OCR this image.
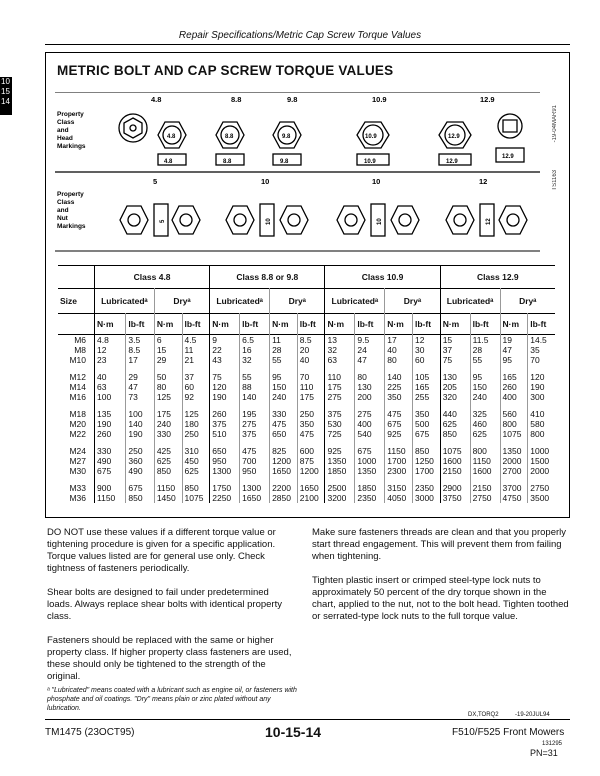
Repair Specifications/Metric Cap Screw Torque Values
10
15
14
METRIC BOLT AND CAP SCREW TORQUE VALUES
Property Class and Head Markings
Property Class and Nut Markings
4.8	8.8	9.8	10.9	12.9
4.8
4.8
8.8
8.8
9.8
9.8
10.9
10.9
12.9
12.9
12.9
5	10	10	12
5	10	10	12
TS1163
-19-04MAR91
	Class 4.8				Class 8.8 or 9.8				Class 10.9				Class 12.9			
Size	Lubricatedᵃ		Dryᵃ		Lubricatedᵃ		Dryᵃ		Lubricatedᵃ		Dryᵃ		Lubricatedᵃ		Dryᵃ	
	N·m	lb-ft	N·m	lb-ft	N·m	lb-ft	N·m	lb-ft	N·m	lb-ft	N·m	lb-ft	N·m	lb-ft	N·m	lb-ft
M6	4.8	3.5	6	4.5	9	6.5	11	8.5	13	9.5	17	12	15	11.5	19	14.5
M8	12	8.5	15	11	22	16	28	20	32	24	40	30	37	28	47	35
M10	23	17	29	21	43	32	55	40	63	47	80	60	75	55	95	70
M12	40	29	50	37	75	55	95	70	110	80	140	105	130	95	165	120
M14	63	47	80	60	120	88	150	110	175	130	225	165	205	150	260	190
M16	100	73	125	92	190	140	240	175	275	200	350	255	320	240	400	300
M18	135	100	175	125	260	195	330	250	375	275	475	350	440	325	560	410
M20	190	140	240	180	375	275	475	350	530	400	675	500	625	460	800	580
M22	260	190	330	250	510	375	650	475	725	540	925	675	850	625	1075	800
M24	330	250	425	310	650	475	825	600	925	675	1150	850	1075	800	1350	1000
M27	490	360	625	450	950	700	1200	875	1350	1000	1700	1250	1600	1150	2000	1500
M30	675	490	850	625	1300	950	1650	1200	1850	1350	2300	1700	2150	1600	2700	2000
M33	900	675	1150	850	1750	1300	2200	1650	2500	1850	3150	2350	2900	2150	3700	2750
M36	1150	850	1450	1075	2250	1650	2850	2100	3200	2350	4050	3000	3750	2750	4750	3500
DO NOT use these values if a different torque value or tightening procedure is given for a specific application. Torque values listed are for general use only. Check tightness of fasteners periodically.
Shear bolts are designed to fail under predetermined loads. Always replace shear bolts with identical property class.
Fasteners should be replaced with the same or higher property class. If higher property class fasteners are used, these should only be tightened to the strength of the original.
Make sure fasteners threads are clean and that you properly start thread engagement. This will prevent them from failing when tightening.
Tighten plastic insert or crimped steel-type lock nuts to approximately 50 percent of the dry torque shown in the chart, applied to the nut, not to the bolt head. Tighten toothed or serrated-type lock nuts to the full torque value.
ᵃ "Lubricated" means coated with a lubricant such as engine oil, or fasteners with phosphate and oil coatings. "Dry" means plain or zinc plated without any lubrication.
DX,TORQ2	-19-20JUL94
TM1475 (23OCT95)	10-15-14	F510/F525 Front Mowers
131295
PN=31
